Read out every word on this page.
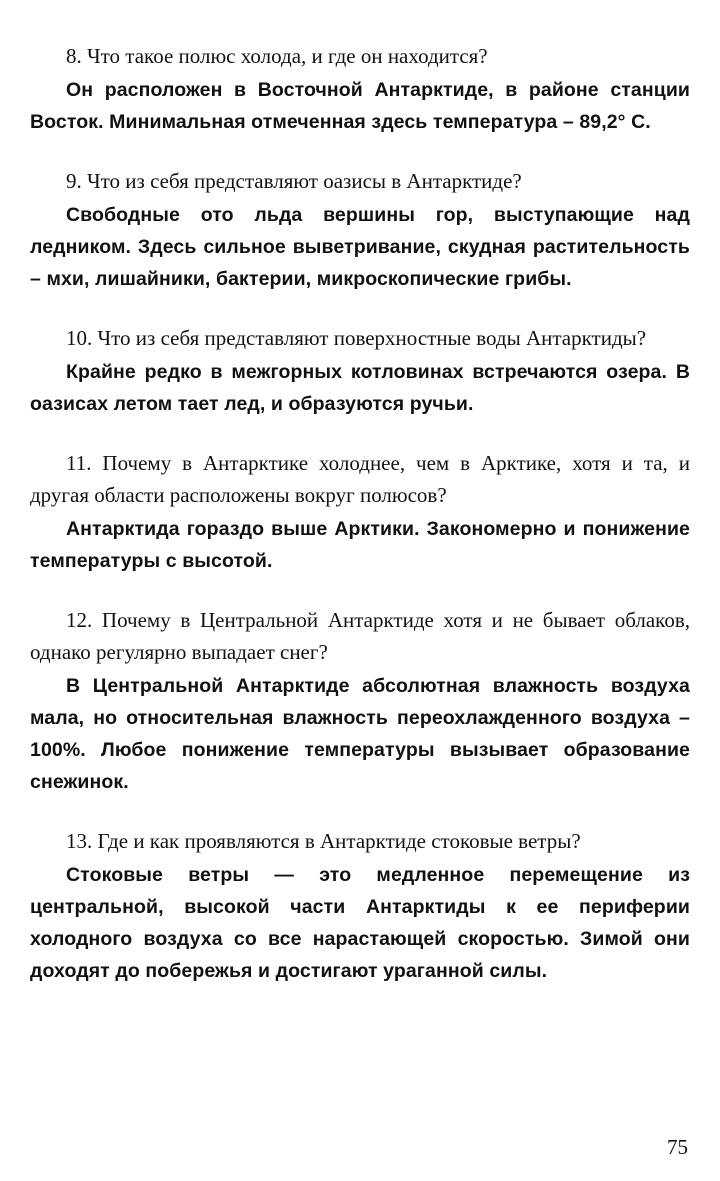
8. Что такое полюс холода, и где он находится?

Он расположен в Восточной Антарктиде, в районе станции Восток. Минимальная отмеченная здесь температура – 89,2° С.

9. Что из себя представляют оазисы в Антарктиде?

Свободные ото льда вершины гор, выступающие над ледником. Здесь сильное выветривание, скудная растительность – мхи, лишайники, бактерии, микроскопические грибы.

10. Что из себя представляют поверхностные воды Антарктиды?

Крайне редко в межгорных котловинах встречаются озера. В оазисах летом тает лед, и образуются ручьи.

11. Почему в Антарктике холоднее, чем в Арктике, хотя и та, и другая области расположены вокруг полюсов?

Антарктида гораздо выше Арктики. Закономерно и понижение температуры с высотой.

12. Почему в Центральной Антарктиде хотя и не бывает облаков, однако регулярно выпадает снег?

В Центральной Антарктиде абсолютная влажность воздуха мала, но относительная влажность переохлажденного воздуха – 100%. Любое понижение температуры вызывает образование снежинок.

13. Где и как проявляются в Антарктиде стоковые ветры?

Стоковые ветры — это медленное перемещение из центральной, высокой части Антарктиды к ее периферии холодного воздуха со все нарастающей скоростью. Зимой они доходят до побережья и достигают ураганной силы.

75
